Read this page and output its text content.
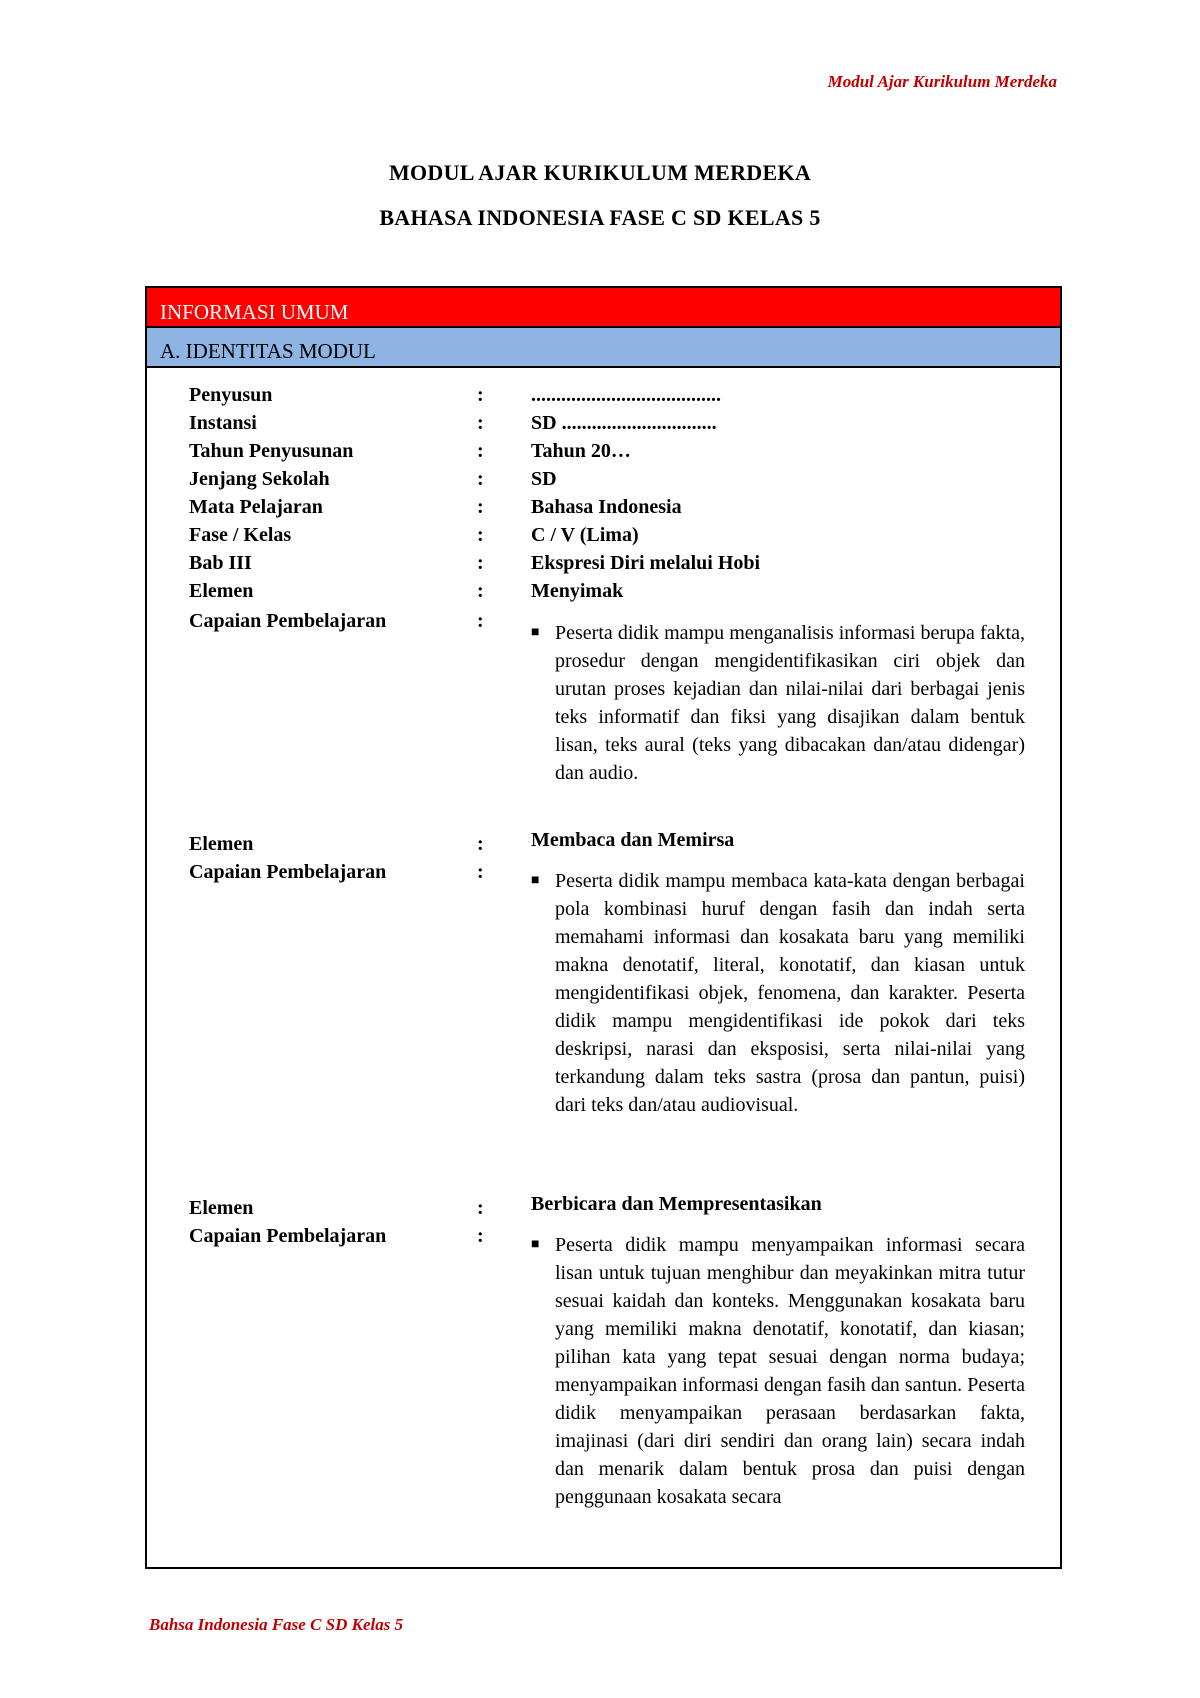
Modul Ajar Kurikulum Merdeka
MODUL AJAR KURIKULUM MERDEKA
BAHASA INDONESIA FASE C SD KELAS 5
INFORMASI UMUM
A. IDENTITAS MODUL
Penyusun	: ......................................
Instansi	: SD ...............................
Tahun Penyusunan	: Tahun 20…
Jenjang Sekolah	: SD
Mata Pelajaran	: Bahasa Indonesia
Fase / Kelas	: C / V (Lima)
Bab III	: Ekspresi Diri melalui Hobi
Elemen	: Menyimak
Capaian Pembelajaran	:
■ Peserta didik mampu menganalisis informasi berupa fakta, prosedur dengan mengidentifikasikan ciri objek dan urutan proses kejadian dan nilai-nilai dari berbagai jenis teks informatif dan fiksi yang disajikan dalam bentuk lisan, teks aural (teks yang dibacakan dan/atau didengar) dan audio.
Elemen	: Membaca dan Memirsa
Capaian Pembelajaran	:	■ Peserta didik mampu membaca kata-kata dengan berbagai pola kombinasi huruf dengan fasih dan indah serta memahami informasi dan kosakata baru yang memiliki makna denotatif, literal, konotatif, dan kiasan untuk mengidentifikasi objek, fenomena, dan karakter. Peserta didik mampu mengidentifikasi ide pokok dari teks deskripsi, narasi dan eksposisi, serta nilai-nilai yang terkandung dalam teks sastra (prosa dan pantun, puisi) dari teks dan/atau audiovisual.
Elemen	: Berbicara dan Mempresentasikan
Capaian Pembelajaran	:	■ Peserta didik mampu menyampaikan informasi secara lisan untuk tujuan menghibur dan meyakinkan mitra tutur sesuai kaidah dan konteks. Menggunakan kosakata baru yang memiliki makna denotatif, konotatif, dan kiasan; pilihan kata yang tepat sesuai dengan norma budaya; menyampaikan informasi dengan fasih dan santun. Peserta didik menyampaikan perasaan berdasarkan fakta, imajinasi (dari diri sendiri dan orang lain) secara indah dan menarik dalam bentuk prosa dan puisi dengan penggunaan kosakata secara
Bahsa Indonesia Fase C SD Kelas 5
